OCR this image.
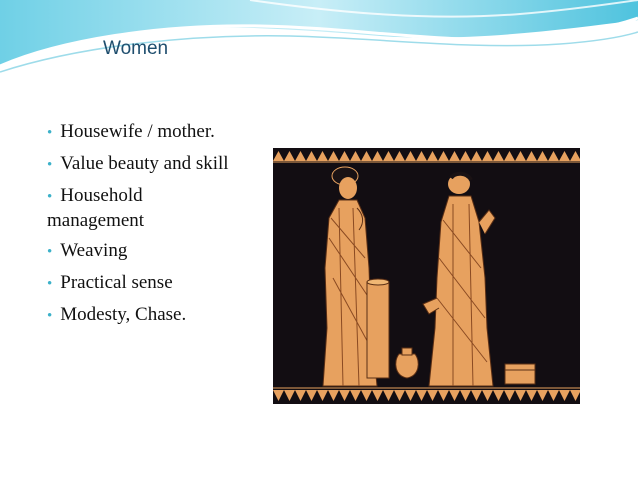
Women
• Housewife / mother.
• Value beauty and skill
• Household management
• Weaving
• Practical sense
• Modesty, Chase.
